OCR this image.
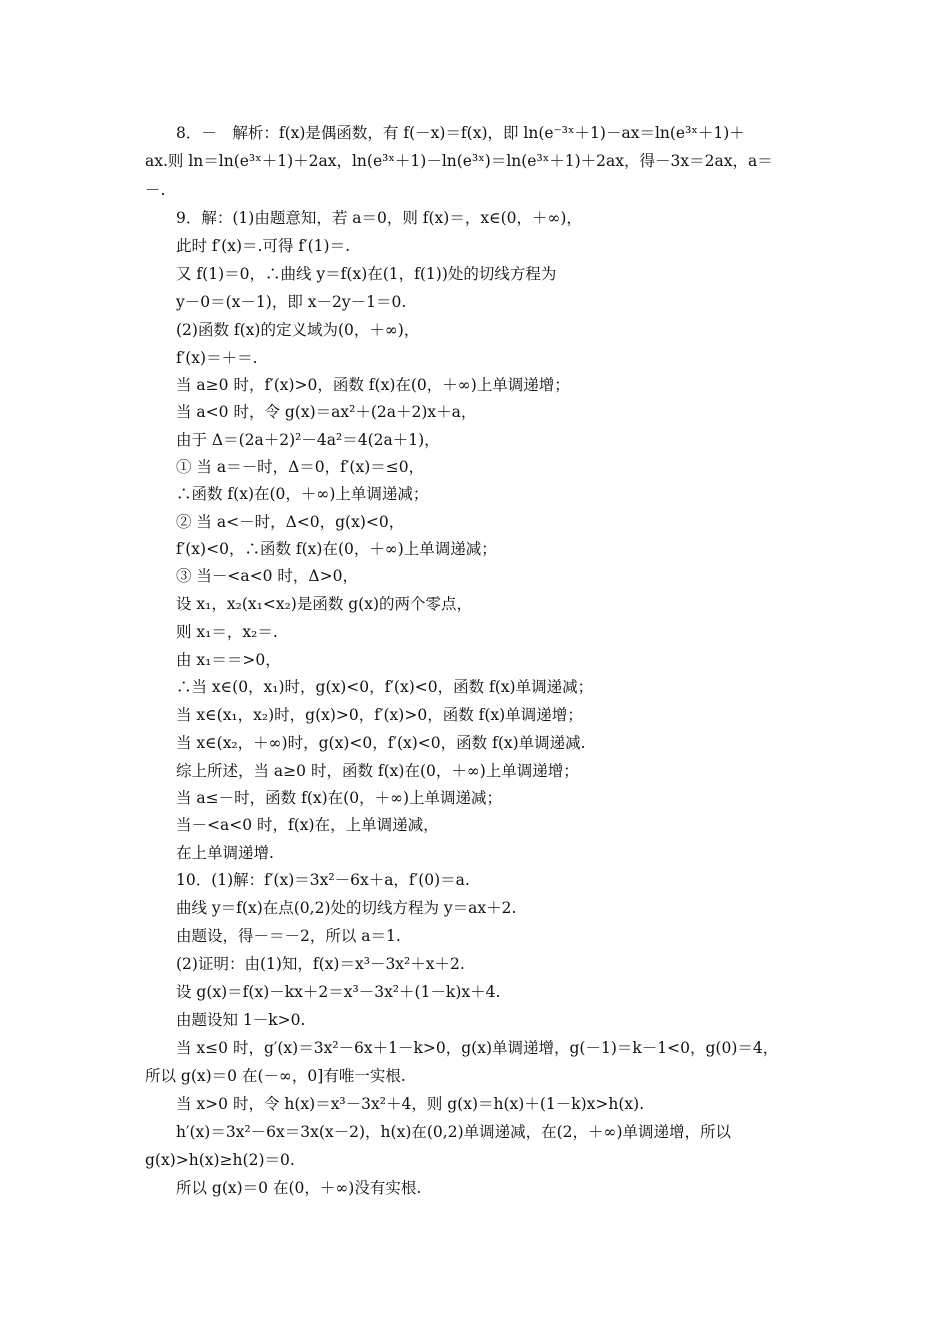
8．－　解析：f(x)是偶函数，有 f(－x)＝f(x)，即 ln(e⁻³ˣ＋1)－ax＝ln(e³ˣ＋1)＋
ax.则 ln＝ln(e³ˣ＋1)＋2ax，ln(e³ˣ＋1)－ln(e³ˣ)＝ln(e³ˣ＋1)＋2ax，得－3x＝2ax，a＝
－.
9．解：(1)由题意知，若 a＝0，则 f(x)＝，x∈(0，＋∞)，
此时 f′(x)＝.可得 f′(1)＝.
又 f(1)＝0，∴曲线 y＝f(x)在(1，f(1))处的切线方程为
y－0＝(x－1)，即 x－2y－1＝0.
(2)函数 f(x)的定义域为(0，＋∞)，
f′(x)＝＋＝.
当 a≥0 时，f′(x)>0，函数 f(x)在(0，＋∞)上单调递增；
当 a<0 时，令 g(x)＝ax²＋(2a＋2)x＋a，
由于 Δ＝(2a＋2)²－4a²＝4(2a＋1)，
① 当 a＝－时，Δ＝0，f′(x)＝≤0，
∴函数 f(x)在(0，＋∞)上单调递减；
② 当 a<－时，Δ<0，g(x)<0，
f′(x)<0，∴函数 f(x)在(0，＋∞)上单调递减；
③ 当－<a<0 时，Δ>0，
设 x₁，x₂(x₁<x₂)是函数 g(x)的两个零点，
则 x₁＝，x₂＝.
由 x₁＝＝>0，
∴当 x∈(0，x₁)时，g(x)<0，f′(x)<0，函数 f(x)单调递减；
当 x∈(x₁，x₂)时，g(x)>0，f′(x)>0，函数 f(x)单调递增；
当 x∈(x₂，＋∞)时，g(x)<0，f′(x)<0，函数 f(x)单调递减.
综上所述，当 a≥0 时，函数 f(x)在(0，＋∞)上单调递增；
当 a≤－时，函数 f(x)在(0，＋∞)上单调递减；
当－<a<0 时，f(x)在，上单调递减，
在上单调递增.
10．(1)解：f′(x)＝3x²－6x＋a，f′(0)＝a.
曲线 y＝f(x)在点(0,2)处的切线方程为 y＝ax＋2.
由题设，得－＝－2，所以 a＝1.
(2)证明：由(1)知，f(x)＝x³－3x²＋x＋2.
设 g(x)＝f(x)－kx＋2＝x³－3x²＋(1－k)x＋4.
由题设知 1－k>0.
当 x≤0 时，g′(x)＝3x²－6x＋1－k>0，g(x)单调递增，g(－1)＝k－1<0，g(0)＝4，
所以 g(x)＝0 在(－∞，0]有唯一实根.
当 x>0 时，令 h(x)＝x³－3x²＋4，则 g(x)＝h(x)＋(1－k)x>h(x).
h′(x)＝3x²－6x＝3x(x－2)，h(x)在(0,2)单调递减，在(2，＋∞)单调递增，所以
g(x)>h(x)≥h(2)＝0.
所以 g(x)＝0 在(0，＋∞)没有实根.
